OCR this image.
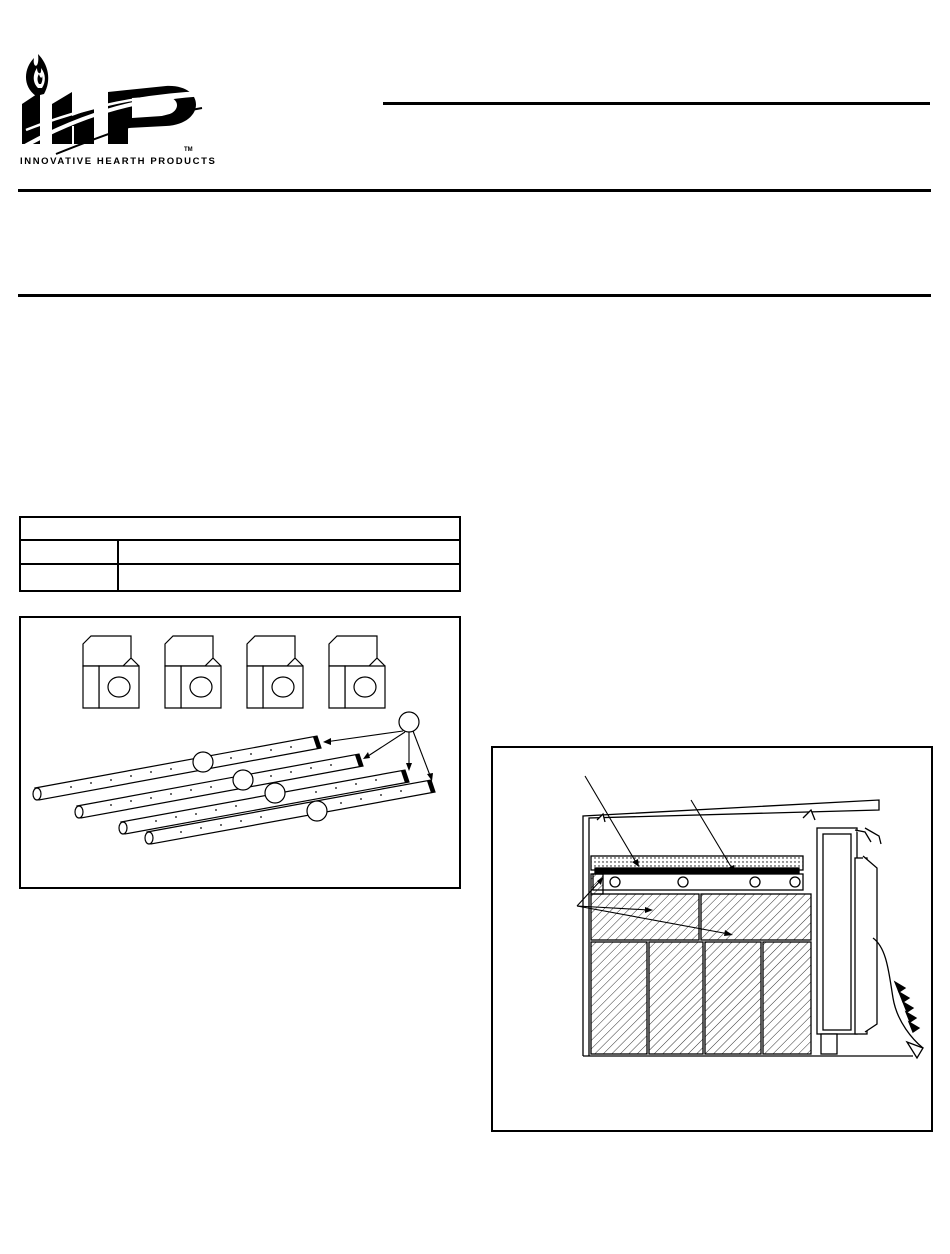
TM
INNOVATIVE HEARTH PRODUCTS
